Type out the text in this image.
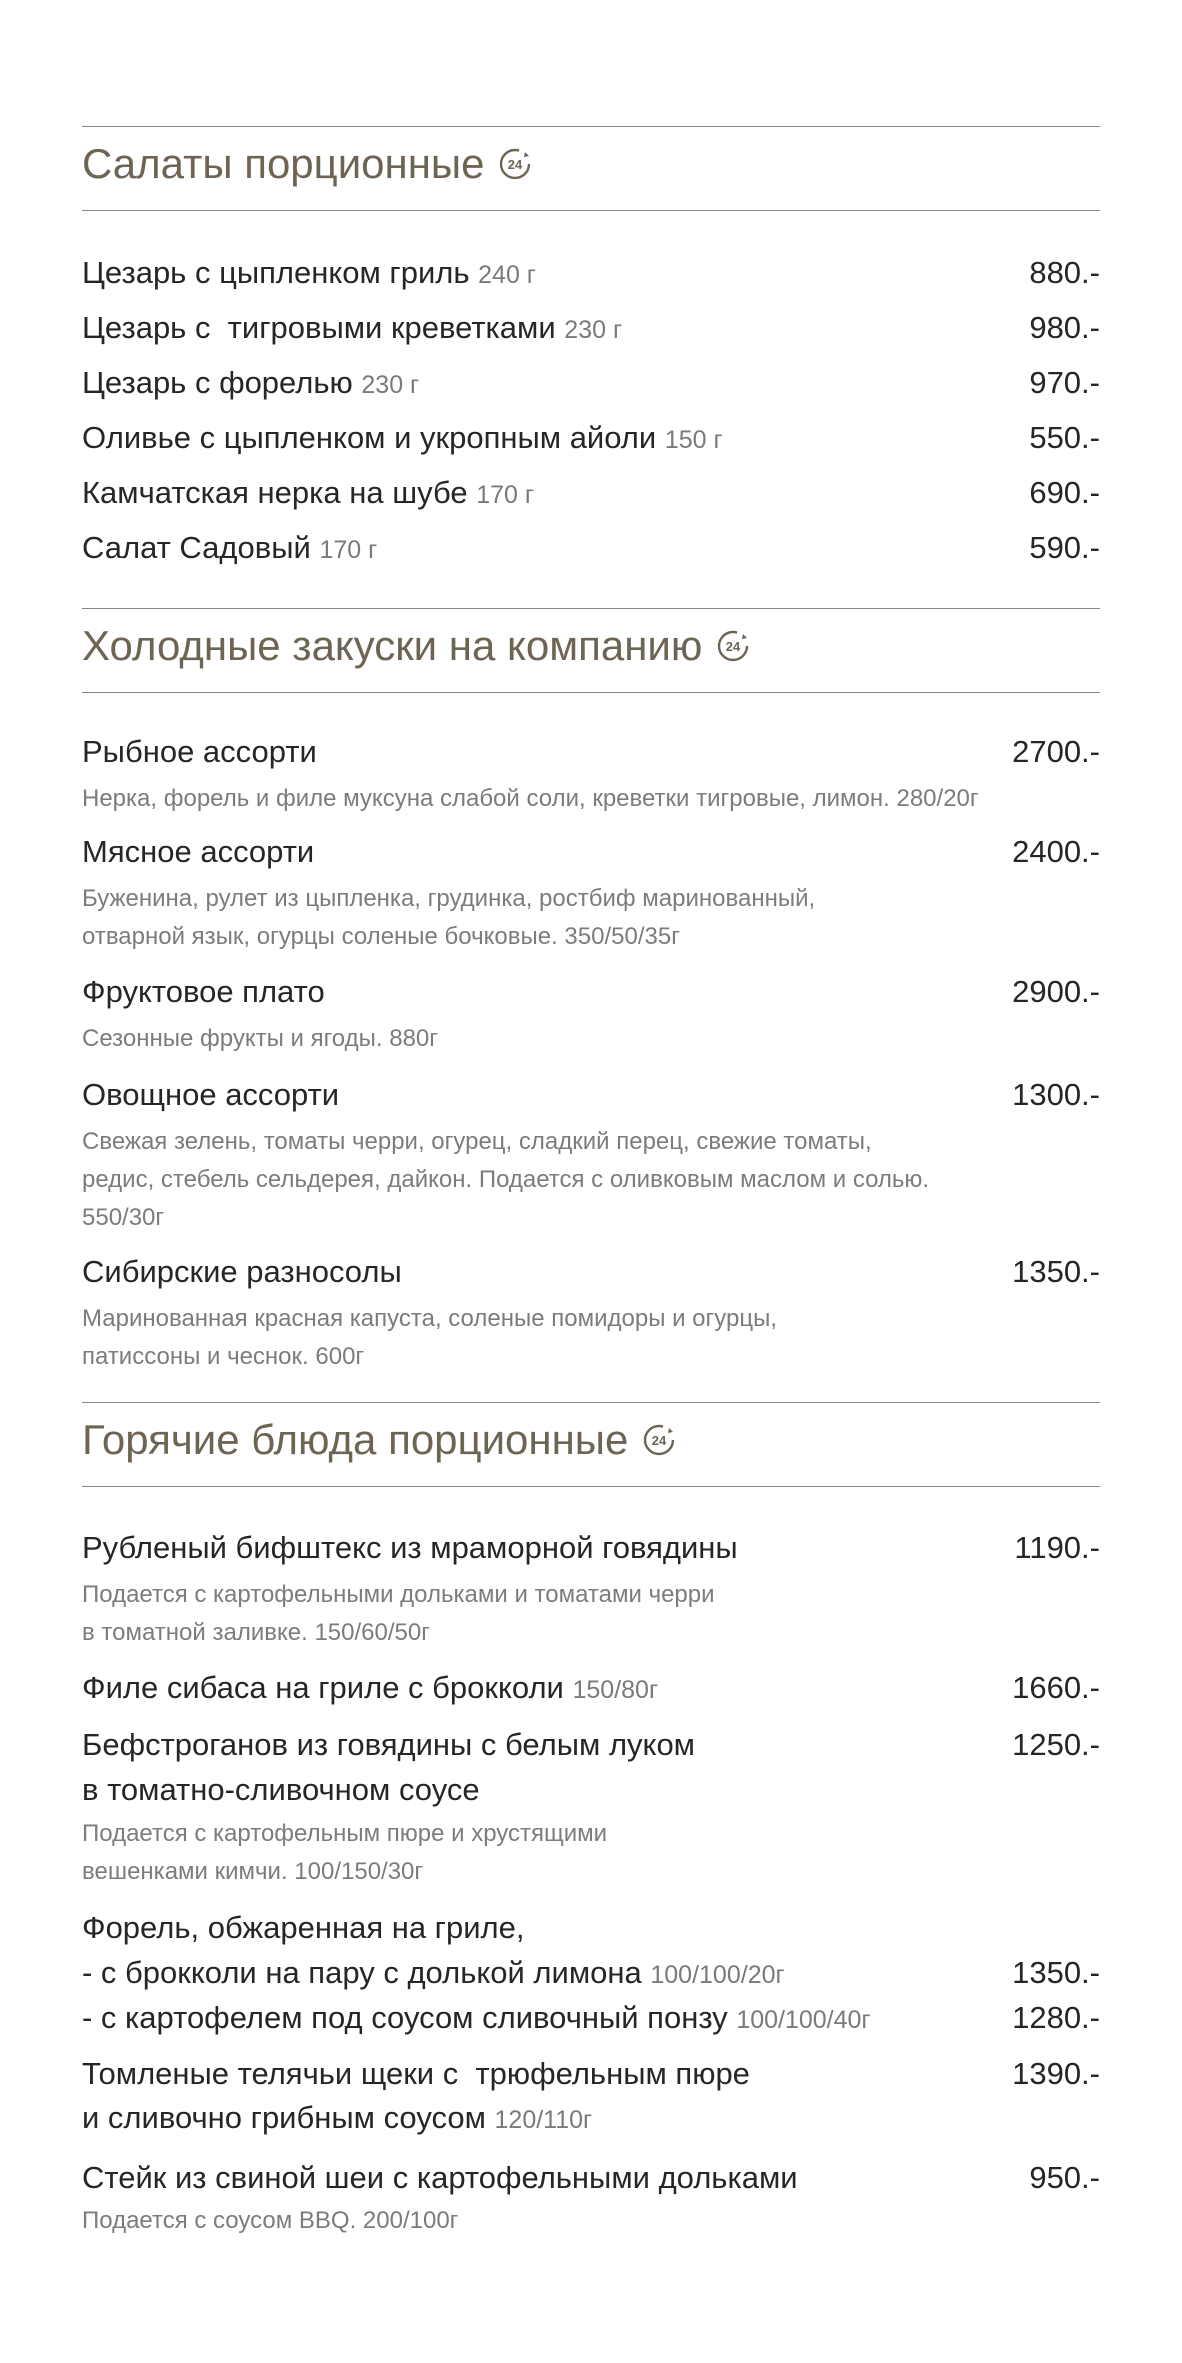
Салаты порционные 24
Цезарь с цыпленком гриль 240 г	880.-
Цезарь с  тигровыми креветками 230 г	980.-
Цезарь с форелью 230 г	970.-
Оливье с цыпленком и укропным айоли 150 г	550.-
Камчатская нерка на шубе 170 г	690.-
Салат Садовый 170 г	590.-
Холодные закуски на компанию 24
Рыбное ассорти	2700.-
Нерка, форель и филе муксуна слабой соли, креветки тигровые, лимон. 280/20г
Мясное ассорти	2400.-
Буженина, рулет из цыпленка, грудинка, ростбиф маринованный,
отварной язык, огурцы соленые бочковые. 350/50/35г
Фруктовое плато	2900.-
Сезонные фрукты и ягоды. 880г
Овощное ассорти	1300.-
Свежая зелень, томаты черри, огурец, сладкий перец, свежие томаты,
редис, стебель сельдерея, дайкон. Подается с оливковым маслом и солью.
550/30г
Сибирские разносолы	1350.-
Маринованная красная капуста, соленые помидоры и огурцы,
патиссоны и чеснок. 600г
Горячие блюда порционные 24
Рубленый бифштекс из мраморной говядины	1190.-
Подается с картофельными дольками и томатами черри
в томатной заливке. 150/60/50г
Филе сибаса на гриле с брокколи 150/80г	1660.-
Бефстроганов из говядины с белым луком	1250.-
в томатно-сливочном соусе
Подается с картофельным пюре и хрустящими
вешенками кимчи. 100/150/30г
Форель, обжаренная на гриле,
- с брокколи на пару с долькой лимона 100/100/20г	1350.-
- с картофелем под соусом сливочный понзу 100/100/40г	1280.-
Томленые телячьи щеки с  трюфельным пюре	1390.-
и сливочно грибным соусом 120/110г
Стейк из свиной шеи с картофельными дольками	950.-
Подается с соусом BBQ. 200/100г
